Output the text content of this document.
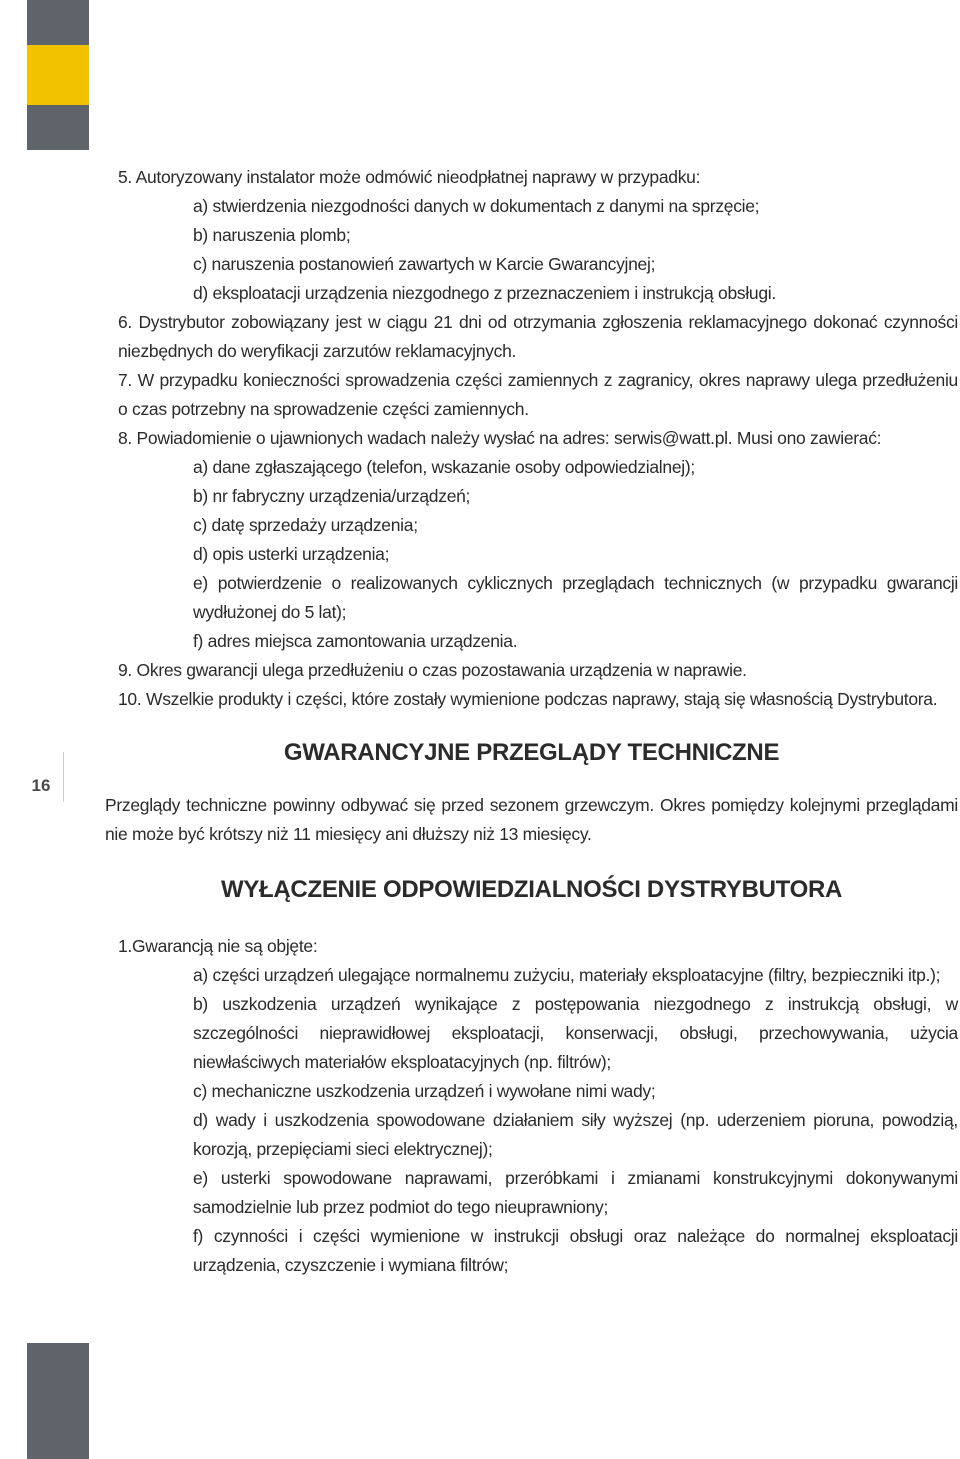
16

5. Autoryzowany instalator może odmówić nieodpłatnej naprawy w przypadku:

a) stwierdzenia niezgodności danych w dokumentach z danymi na sprzęcie;

b) naruszenia plomb;

c) naruszenia postanowień zawartych w Karcie Gwarancyjnej;

d) eksploatacji urządzenia niezgodnego z przeznaczeniem i instrukcją obsługi.

6. Dystrybutor zobowiązany jest w ciągu 21 dni od otrzymania zgłoszenia reklamacyjnego dokonać czynności niezbędnych do weryfikacji zarzutów reklamacyjnych.

7. W przypadku konieczności sprowadzenia części zamiennych z zagranicy, okres naprawy ulega przedłużeniu o czas potrzebny na sprowadzenie części zamiennych.

8. Powiadomienie o ujawnionych wadach należy wysłać na adres: serwis@watt.pl. Musi ono zawierać:

a) dane zgłaszającego (telefon, wskazanie osoby odpowiedzialnej);

b) nr fabryczny urządzenia/urządzeń;

c) datę sprzedaży urządzenia;

d) opis usterki urządzenia;

e) potwierdzenie o realizowanych cyklicznych przeglądach technicznych (w przypadku gwarancji wydłużonej do 5 lat);

f) adres miejsca zamontowania urządzenia.

9. Okres gwarancji ulega przedłużeniu o czas pozostawania urządzenia w naprawie.

10. Wszelkie produkty i części, które zostały wymienione podczas naprawy, stają się własnością Dystrybutora.

GWARANCYJNE PRZEGLĄDY TECHNICZNE

Przeglądy techniczne powinny odbywać się przed sezonem grzewczym. Okres pomiędzy kolejnymi przeglądami nie może być krótszy niż 11 miesięcy ani dłuższy niż 13 miesięcy.

WYŁĄCZENIE ODPOWIEDZIALNOŚCI DYSTRYBUTORA

1.Gwarancją nie są objęte:

a) części urządzeń ulegające normalnemu zużyciu, materiały eksploatacyjne (filtry, bezpieczniki itp.);

b) uszkodzenia urządzeń wynikające z postępowania niezgodnego z instrukcją obsługi, w szczególności nieprawidłowej eksploatacji, konserwacji, obsługi, przechowywania, użycia niewłaściwych materiałów eksploatacyjnych (np. filtrów);

c) mechaniczne uszkodzenia urządzeń i wywołane nimi wady;

d) wady i uszkodzenia spowodowane działaniem siły wyższej (np. uderzeniem pioruna, powodzią, korozją, przepięciami sieci elektrycznej);

e) usterki spowodowane naprawami, przeróbkami i zmianami konstrukcyjnymi dokonywanymi samodzielnie lub przez podmiot do tego nieuprawniony;

f) czynności i części wymienione w instrukcji obsługi oraz należące do normalnej eksploatacji urządzenia, czyszczenie i wymiana filtrów;
